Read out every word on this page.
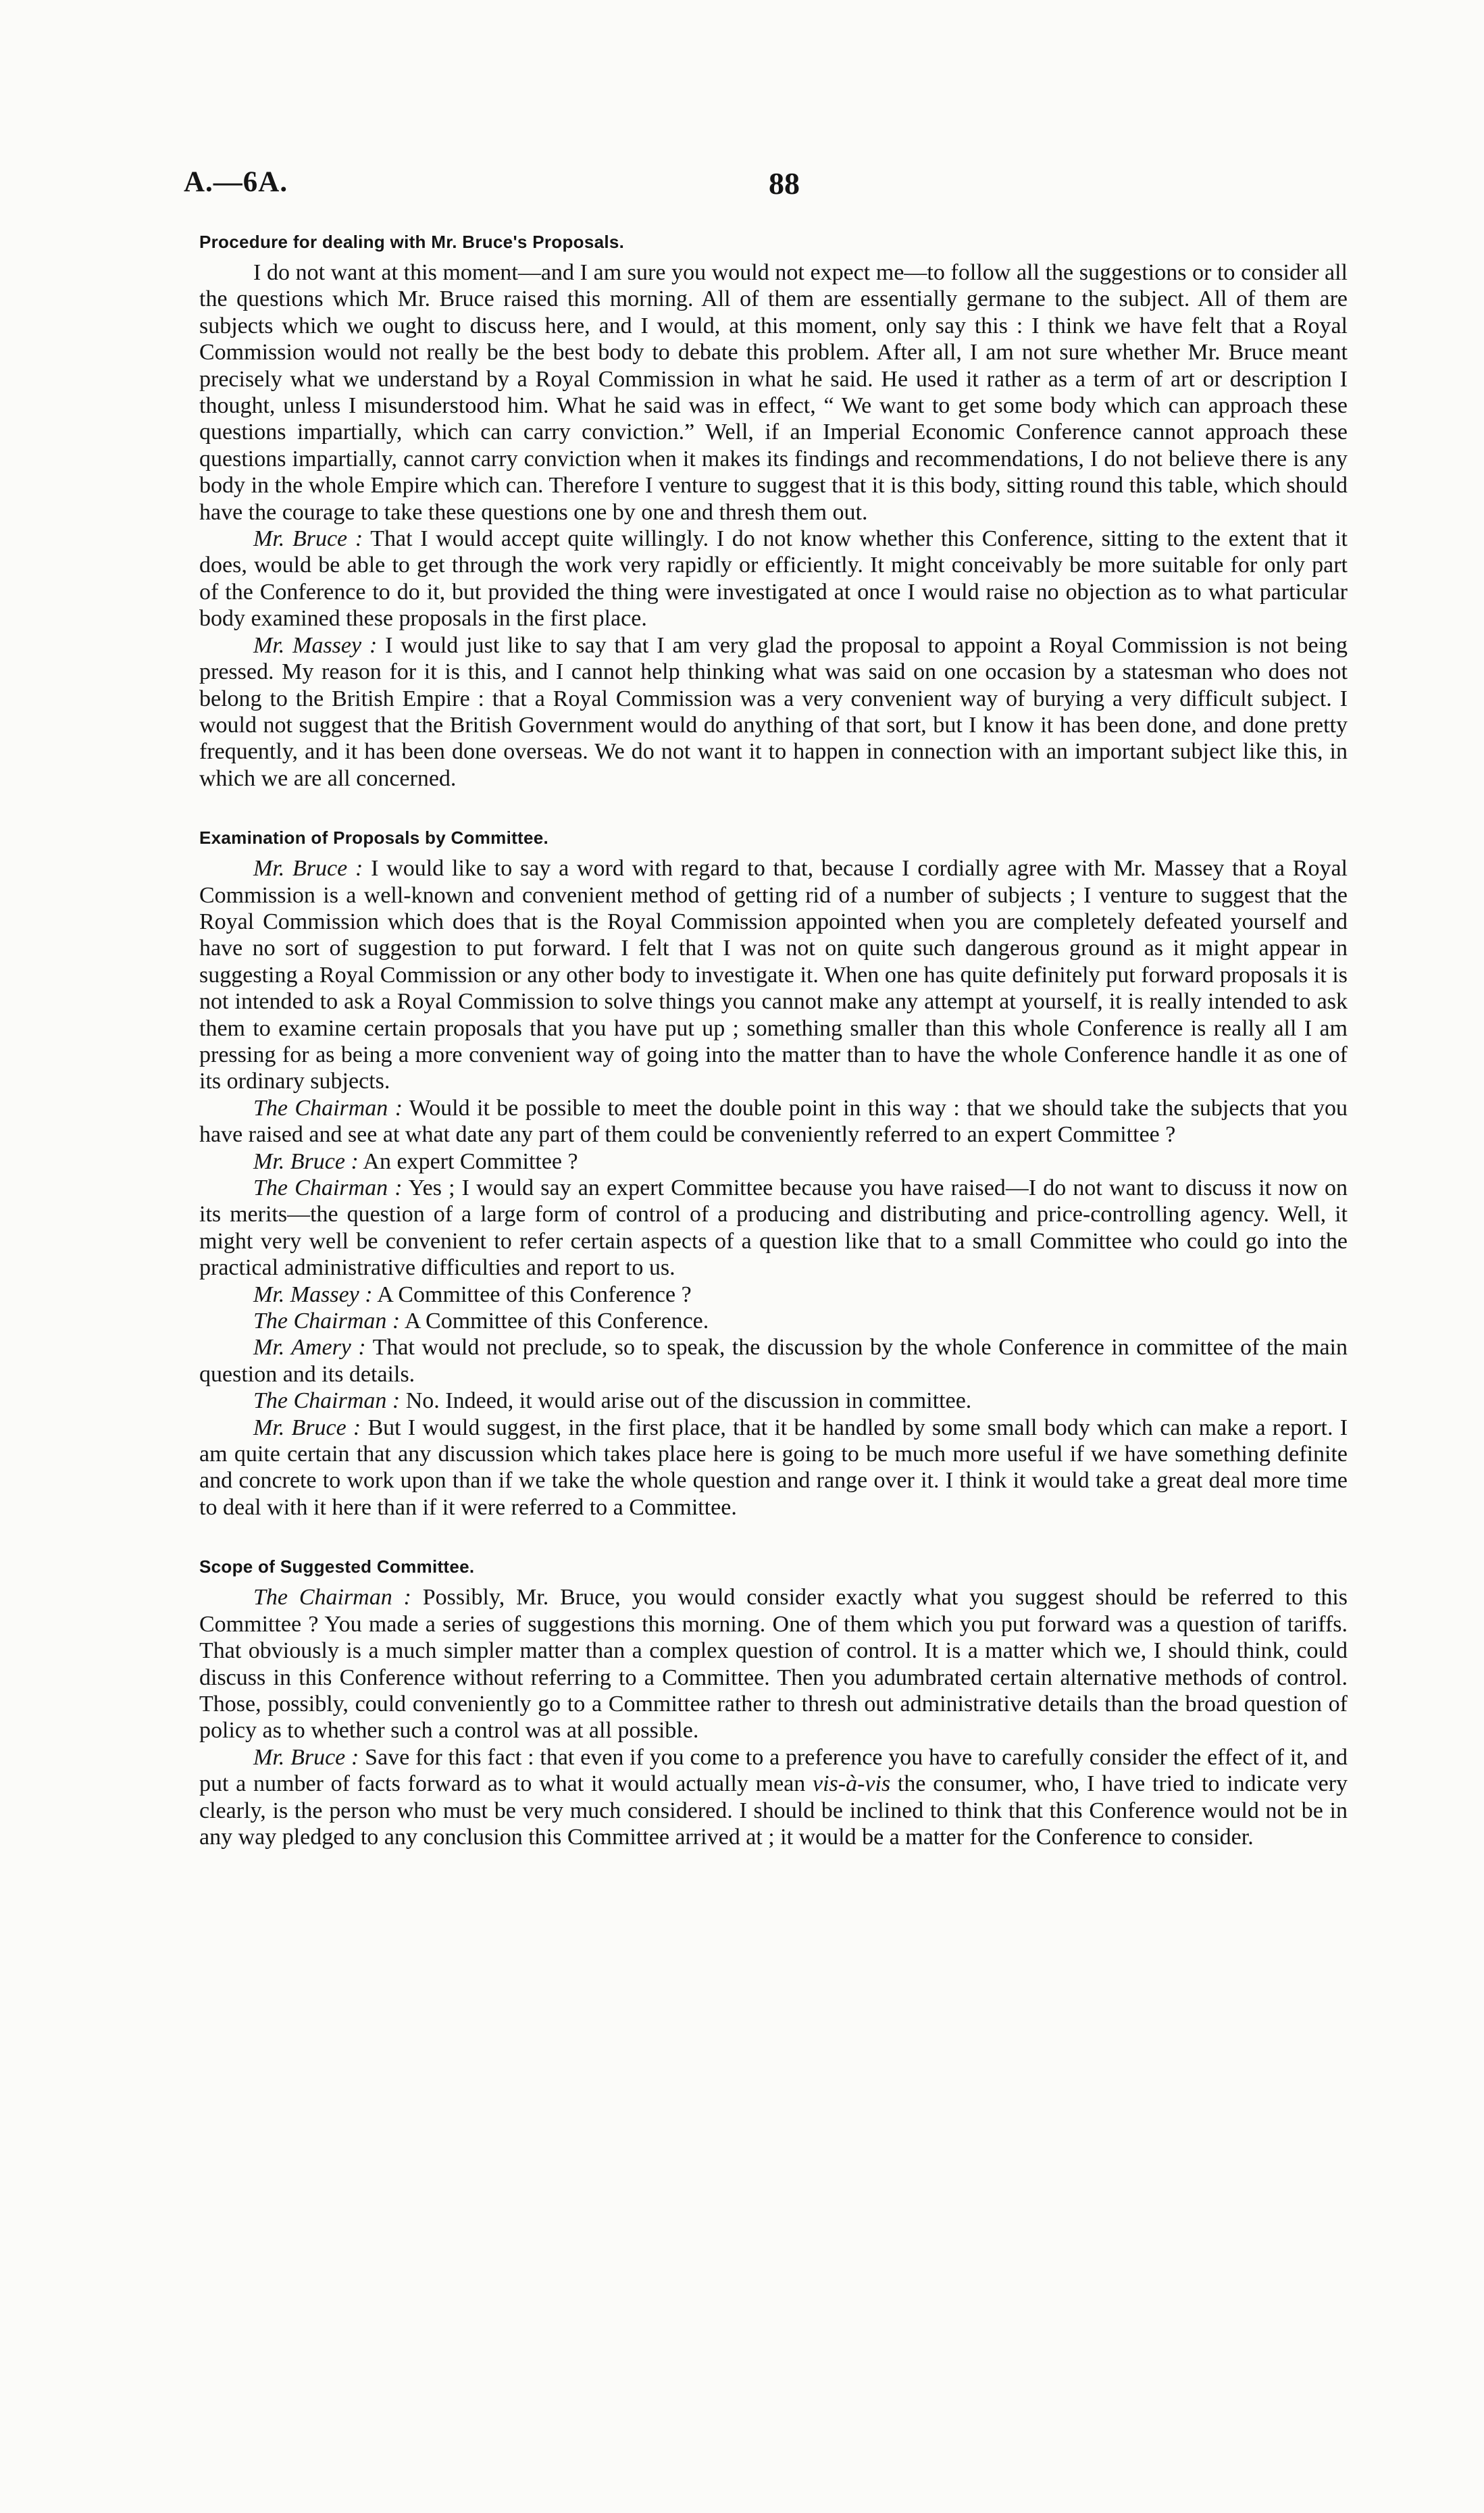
A.—6A.	88
Procedure for dealing with Mr. Bruce's Proposals.

I do not want at this moment—and I am sure you would not expect me—to follow all the suggestions or to consider all the questions which Mr. Bruce raised this morning. All of them are essentially germane to the subject. All of them are subjects which we ought to discuss here, and I would, at this moment, only say this : I think we have felt that a Royal Commission would not really be the best body to debate this problem. After all, I am not sure whether Mr. Bruce meant precisely what we understand by a Royal Commission in what he said. He used it rather as a term of art or description I thought, unless I misunderstood him. What he said was in effect, “ We want to get some body which can approach these questions impartially, which can carry conviction.” Well, if an Imperial Economic Conference cannot approach these questions impartially, cannot carry conviction when it makes its findings and recommendations, I do not believe there is any body in the whole Empire which can. Therefore I venture to suggest that it is this body, sitting round this table, which should have the courage to take these questions one by one and thresh them out.

Mr. Bruce : That I would accept quite willingly. I do not know whether this Conference, sitting to the extent that it does, would be able to get through the work very rapidly or efficiently. It might conceivably be more suitable for only part of the Conference to do it, but provided the thing were investigated at once I would raise no objection as to what particular body examined these proposals in the first place.

Mr. Massey : I would just like to say that I am very glad the proposal to appoint a Royal Commission is not being pressed. My reason for it is this, and I cannot help thinking what was said on one occasion by a statesman who does not belong to the British Empire : that a Royal Commission was a very convenient way of burying a very difficult subject. I would not suggest that the British Government would do anything of that sort, but I know it has been done, and done pretty frequently, and it has been done overseas. We do not want it to happen in connection with an important subject like this, in which we are all concerned.

Examination of Proposals by Committee.

Mr. Bruce : I would like to say a word with regard to that, because I cordially agree with Mr. Massey that a Royal Commission is a well-known and convenient method of getting rid of a number of subjects ; I venture to suggest that the Royal Commission which does that is the Royal Commission appointed when you are completely defeated yourself and have no sort of suggestion to put forward. I felt that I was not on quite such dangerous ground as it might appear in suggesting a Royal Commission or any other body to investigate it. When one has quite definitely put forward proposals it is not intended to ask a Royal Commission to solve things you cannot make any attempt at yourself, it is really intended to ask them to examine certain proposals that you have put up ; something smaller than this whole Conference is really all I am pressing for as being a more convenient way of going into the matter than to have the whole Conference handle it as one of its ordinary subjects.

The Chairman : Would it be possible to meet the double point in this way : that we should take the subjects that you have raised and see at what date any part of them could be conveniently referred to an expert Committee ?

Mr. Bruce : An expert Committee ?

The Chairman : Yes ; I would say an expert Committee because you have raised—I do not want to discuss it now on its merits—the question of a large form of control of a producing and distributing and price-controlling agency. Well, it might very well be convenient to refer certain aspects of a question like that to a small Committee who could go into the practical administrative difficulties and report to us.

Mr. Massey : A Committee of this Conference ?

The Chairman : A Committee of this Conference.

Mr. Amery : That would not preclude, so to speak, the discussion by the whole Conference in committee of the main question and its details.

The Chairman : No. Indeed, it would arise out of the discussion in committee.

Mr. Bruce : But I would suggest, in the first place, that it be handled by some small body which can make a report. I am quite certain that any discussion which takes place here is going to be much more useful if we have something definite and concrete to work upon than if we take the whole question and range over it. I think it would take a great deal more time to deal with it here than if it were referred to a Committee.

Scope of Suggested Committee.

The Chairman : Possibly, Mr. Bruce, you would consider exactly what you suggest should be referred to this Committee ? You made a series of suggestions this morning. One of them which you put forward was a question of tariffs. That obviously is a much simpler matter than a complex question of control. It is a matter which we, I should think, could discuss in this Conference without referring to a Committee. Then you adumbrated certain alternative methods of control. Those, possibly, could conveniently go to a Committee rather to thresh out administrative details than the broad question of policy as to whether such a control was at all possible.

Mr. Bruce : Save for this fact : that even if you come to a preference you have to carefully consider the effect of it, and put a number of facts forward as to what it would actually mean vis-à-vis the consumer, who, I have tried to indicate very clearly, is the person who must be very much considered. I should be inclined to think that this Conference would not be in any way pledged to any conclusion this Committee arrived at ; it would be a matter for the Conference to consider.
